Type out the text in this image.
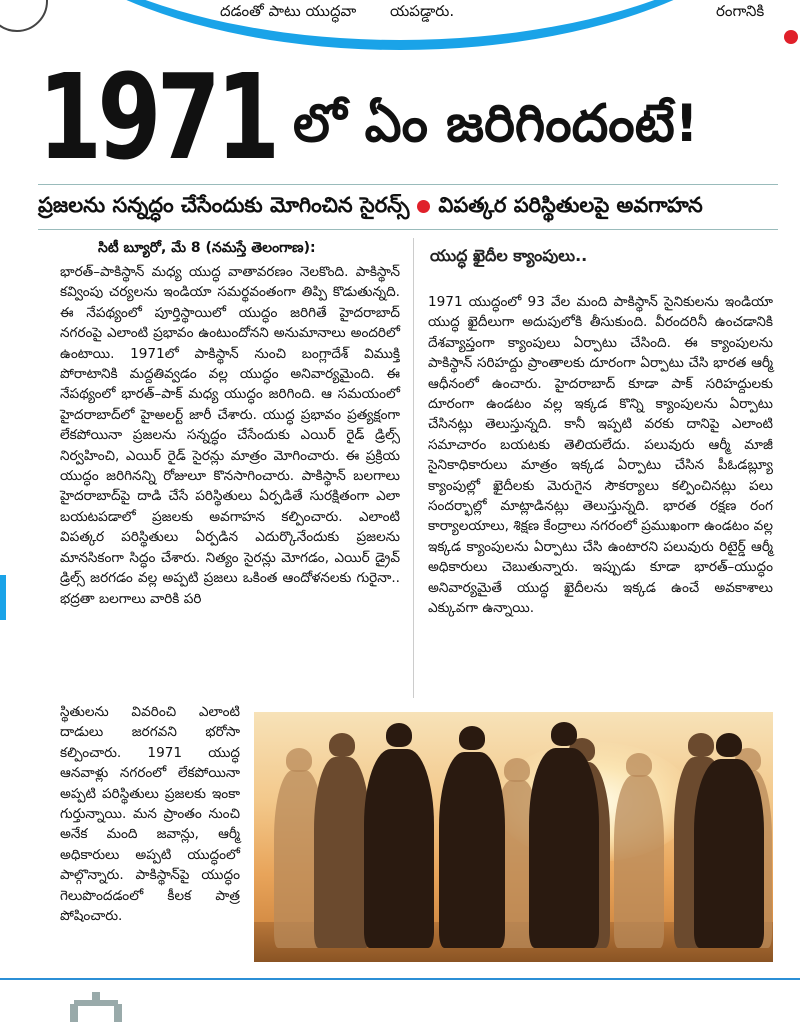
దడంతో పాటు యుద్ధవా యపడ్డారు.	రంగానికి
1971 లో ఏం జరిగిందంటే!
ప్రజలను సన్నద్ధం చేసేందుకు మోగించిన సైరన్స్ విపత్కర పరిస్థితులపై అవగాహన
సిటీ బ్యూరో, మే 8 (నమస్తే తెలంగాణ):

భారత్–పాకిస్థాన్ మధ్య యుద్ధ వాతావరణం నెలకొంది. పాకిస్థాన్ కవ్వింపు చర్యలను ఇండియా సమర్థవంతంగా తిప్పి కొడుతున్నది. ఈ నేపథ్యంలో పూర్తిస్థాయిలో యుద్ధం జరిగితే హైదరాబాద్ నగరంపై ఎలాంటి ప్రభావం ఉంటుందోనని అనుమానాలు అందరిలో ఉంటాయి. 1971లో పాకిస్థాన్ నుంచి బంగ్లాదేశ్ విముక్తి పోరాటానికి మద్దతివ్వడం వల్ల యుద్ధం అనివార్యమైంది. ఈ నేపథ్యంలో భారత్–పాక్ మధ్య యుద్ధం జరిగింది. ఆ సమయంలో హైదరాబాద్‌లో హైఅలర్ట్ జారీ చేశారు. యుద్ధ ప్రభావం ప్రత్యక్షంగా లేకపోయినా ప్రజలను సన్నద్ధం చేసేందుకు ఎయిర్ రైడ్ డ్రిల్స్ నిర్వహించి, ఎయిర్ రైడ్ సైరన్లు మాత్రం మోగించారు. ఈ ప్రక్రియ యుద్ధం జరిగినన్ని రోజులూ కొనసాగించారు. పాకిస్థాన్ బలగాలు హైదరాబాద్‌పై దాడి చేసే పరిస్థితులు ఏర్పడితే సురక్షితంగా ఎలా బయటపడాలో ప్రజలకు అవగాహన కల్పించారు. ఎలాంటి విపత్కర పరిస్థితులు ఏర్పడిన ఎదుర్కొనేందుకు ప్రజలను మానసికంగా సిద్ధం చేశారు. నిత్యం సైరన్లు మోగడం, ఎయిర్ డ్రైవ్ డ్రిల్స్ జరగడం వల్ల అప్పటి ప్రజలు ఒకింత ఆందోళనలకు గురైనా.. భద్రతా బలగాలు వారికి పరి

స్థితులను వివరించి ఎలాంటి దాడులు జరగవని భరోసా కల్పించారు. 1971 యుద్ధ ఆనవాళ్లు నగరంలో లేకపోయినా అప్పటి పరిస్థితులు ప్రజలకు ఇంకా గుర్తున్నాయి. మన ప్రాంతం నుంచి అనేక మంది జవాన్లు, ఆర్మీ అధికారులు అప్పటి యుద్ధంలో పాల్గొన్నారు. పాకిస్థాన్‌పై యుద్ధం గెలుపొందడంలో కీలక పాత్ర పోషించారు.

యుద్ధ ఖైదీల క్యాంపులు..

1971 యుద్ధంలో 93 వేల మంది పాకిస్థాన్ సైనికులను ఇండియా యుద్ధ ఖైదీలుగా అదుపులోకి తీసుకుంది. వీరందరినీ ఉంచడానికి దేశవ్యాప్తంగా క్యాంపులు ఏర్పాటు చేసింది. ఈ క్యాంపులను పాకిస్థాన్ సరిహద్దు ప్రాంతాలకు దూరంగా ఏర్పాటు చేసి భారత ఆర్మీ ఆధీనంలో ఉంచారు. హైదరాబాద్ కూడా పాక్ సరిహద్దులకు దూరంగా ఉండటం వల్ల ఇక్కడ కొన్ని క్యాంపులను ఏర్పాటు చేసినట్లు తెలుస్తున్నది. కానీ ఇప్పటి వరకు దానిపై ఎలాంటి సమాచారం బయటకు తెలియలేదు. పలువురు ఆర్మీ మాజీ సైనికాధికారులు మాత్రం ఇక్కడ ఏర్పాటు చేసిన పీఓడబ్ల్యూ క్యాంపుల్లో ఖైదీలకు మెరుగైన సౌకర్యాలు కల్పించినట్లు పలు సందర్భాల్లో మాట్లాడినట్లు తెలుస్తున్నది. భారత రక్షణ రంగ కార్యాలయాలు, శిక్షణ కేంద్రాలు నగరంలో ప్రముఖంగా ఉండటం వల్ల ఇక్కడ క్యాంపులను ఏర్పాటు చేసి ఉంటారని పలువురు రిటైర్డ్ ఆర్మీ అధికారులు చెబుతున్నారు. ఇప్పుడు కూడా భారత్–యుద్ధం అనివార్యమైతే యుద్ధ ఖైదీలను ఇక్కడ ఉంచే అవకాశాలు ఎక్కువగా ఉన్నాయి.
